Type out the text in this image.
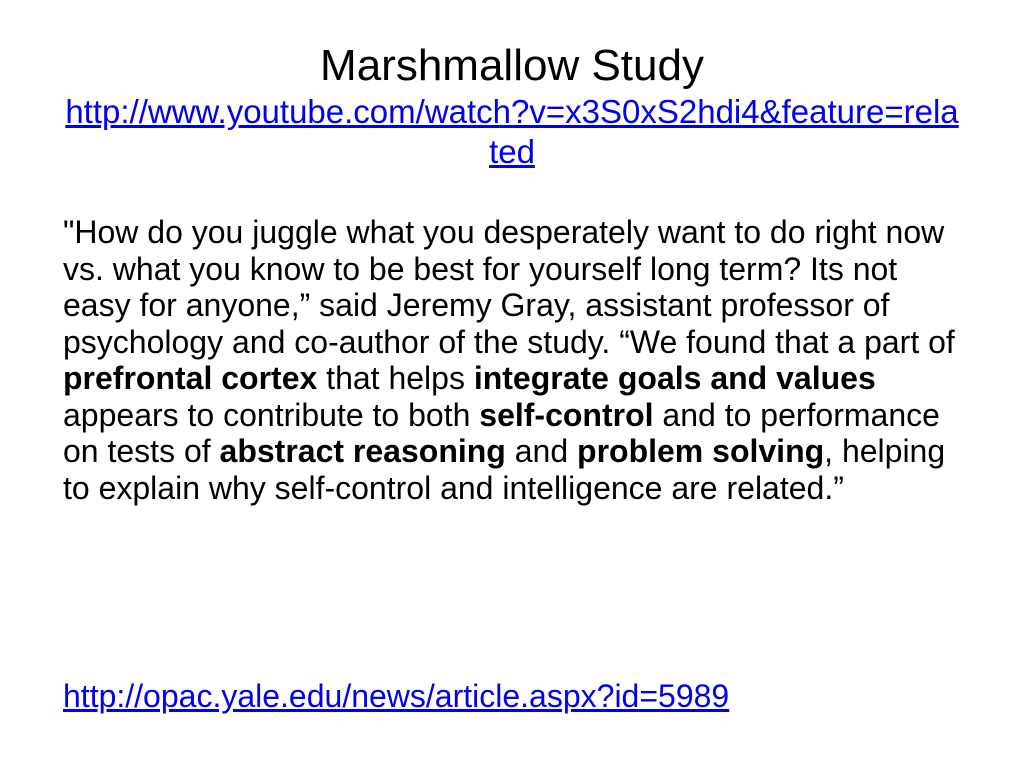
Marshmallow Study
http://www.youtube.com/watch?v=x3S0xS2hdi4&feature=related

"How do you juggle what you desperately want to do right now vs. what you know to be best for yourself long term? Its not easy for anyone,” said Jeremy Gray, assistant professor of psychology and co-author of the study. “We found that a part of prefrontal cortex that helps integrate goals and values appears to contribute to both self-control and to performance on tests of abstract reasoning and problem solving, helping to explain why self-control and intelligence are related.”

http://opac.yale.edu/news/article.aspx?id=5989
